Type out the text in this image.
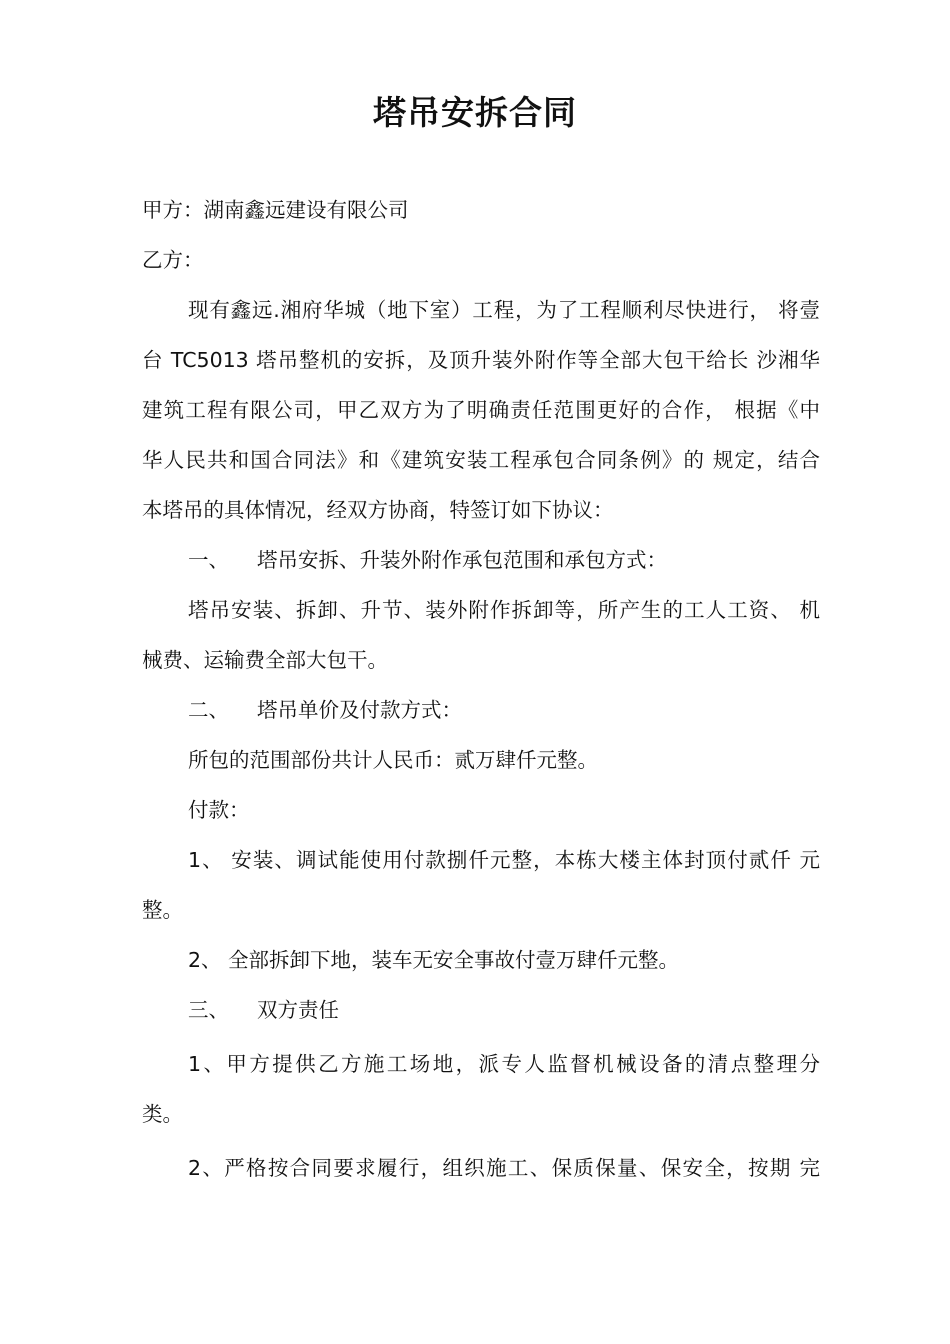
塔吊安拆合同
甲方：湖南鑫远建设有限公司
乙方：
现有鑫远.湘府华城（地下室）工程，为了工程顺利尽快进行， 将壹
台 TC5013 塔吊整机的安拆，及顶升装外附作等全部大包干给长 沙湘华
建筑工程有限公司，甲乙双方为了明确责任范围更好的合作， 根据《中
华人民共和国合同法》和《建筑安装工程承包合同条例》的 规定，结合
本塔吊的具体情况，经双方协商，特签订如下协议：
一、 塔吊安拆、升装外附作承包范围和承包方式：
塔吊安装、拆卸、升节、装外附作拆卸等，所产生的工人工资、 机
械费、运输费全部大包干。
二、 塔吊单价及付款方式：
所包的范围部份共计人民币：贰万肆仟元整。
付款：
1、 安装、调试能使用付款捌仟元整，本栋大楼主体封顶付贰仟 元
整。
2、 全部拆卸下地，装车无安全事故付壹万肆仟元整。
三、 双方责任
1、甲方提供乙方施工场地，派专人监督机械设备的清点整理分
类。
2、严格按合同要求履行，组织施工、保质保量、保安全，按期 完
